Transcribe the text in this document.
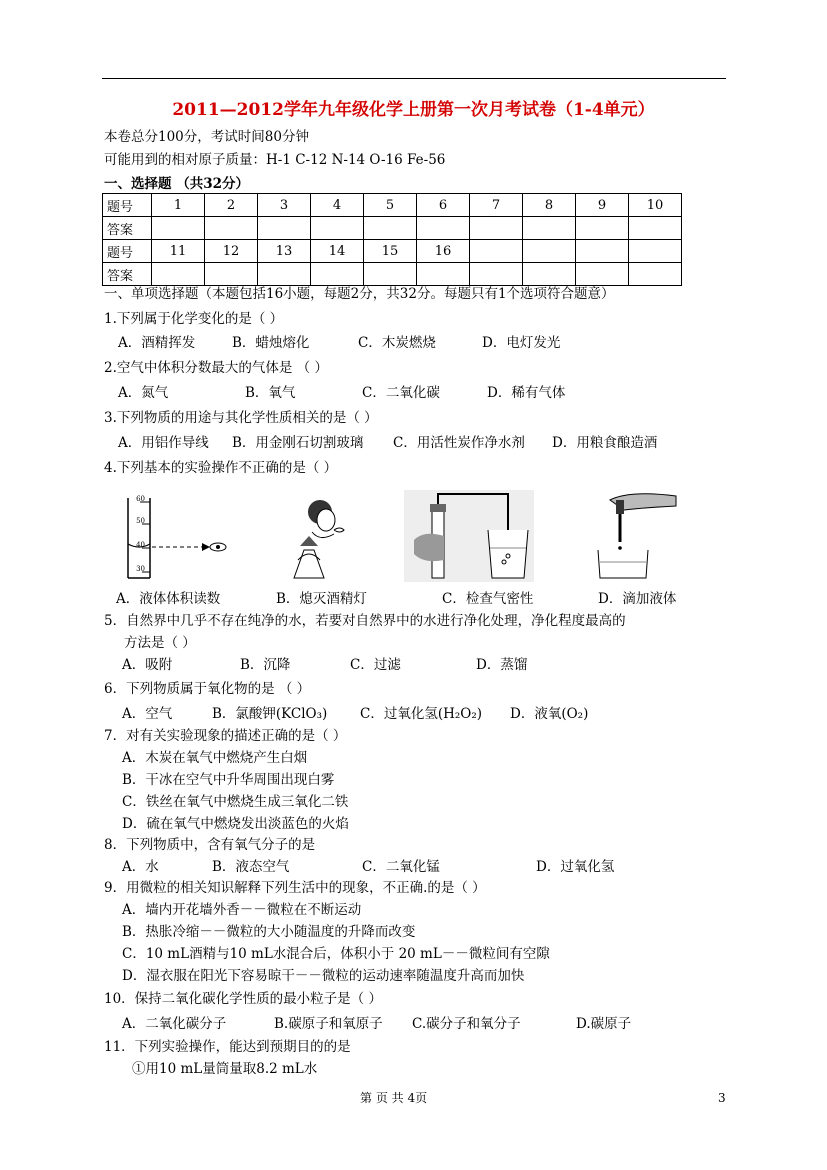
2011—2012学年九年级化学上册第一次月考试卷（1-4单元）
本卷总分100分，考试时间80分钟
可能用到的相对原子质量：H-1 C-12 N-14 O-16 Fe-56
一、选择题 （共32分）
题号	1	2	3	4	5	6	7	8	9	10
答案										
题号	11	12	13	14	15	16				
答案										
一、单项选择题（本题包括16小题，每题2分，共32分。每题只有1个选项符合题意）
1.下列属于化学变化的是（ ）
A．酒精挥发	B．蜡烛熔化	C．木炭燃烧	D．电灯发光
2.空气中体积分数最大的气体是 （ ）
A．氮气	B．氧气	C．二氧化碳	D．稀有气体
3.下列物质的用途与其化学性质相关的是（ ）
A．用铝作导线 B．用金刚石切割玻璃 C．用活性炭作净水剂 D．用粮食酿造酒
4.下列基本的实验操作不正确的是（ ）
60
50
40
30
A．液体体积读数	B．熄灭酒精灯	C．检查气密性	D．滴加液体
5．自然界中几乎不存在纯净的水，若要对自然界中的水进行净化处理，净化程度最高的
方法是（ ）
A．吸附	B．沉降	C．过滤	D．蒸馏
6．下列物质属于氧化物的是 （ ）
A．空气	B．氯酸钾(KClO₃) C．过氧化氢(H₂O₂) D．液氧(O₂)
7．对有关实验现象的描述正确的是（ ）
A．木炭在氧气中燃烧产生白烟
B．干冰在空气中升华周围出现白雾
C．铁丝在氧气中燃烧生成三氧化二铁
D．硫在氧气中燃烧发出淡蓝色的火焰
8．下列物质中，含有氧气分子的是
A．水	B．液态空气	C．二氧化锰	D．过氧化氢
9．用微粒的相关知识解释下列生活中的现象，不正确.的是（ ）
A．墙内开花墙外香－－微粒在不断运动
B．热胀冷缩－－微粒的大小随温度的升降而改变
C．10 mL酒精与10 mL水混合后，体积小于 20 mL－－微粒间有空隙
D．湿衣服在阳光下容易晾干－－微粒的运动速率随温度升高而加快
10．保持二氧化碳化学性质的最小粒子是（ ）
A．二氧化碳分子	B.碳原子和氧原子 C.碳分子和氧分子	D.碳原子
11．下列实验操作，能达到预期目的的是
①用10 mL量筒量取8.2 mL水
第 页 共 4页	3
